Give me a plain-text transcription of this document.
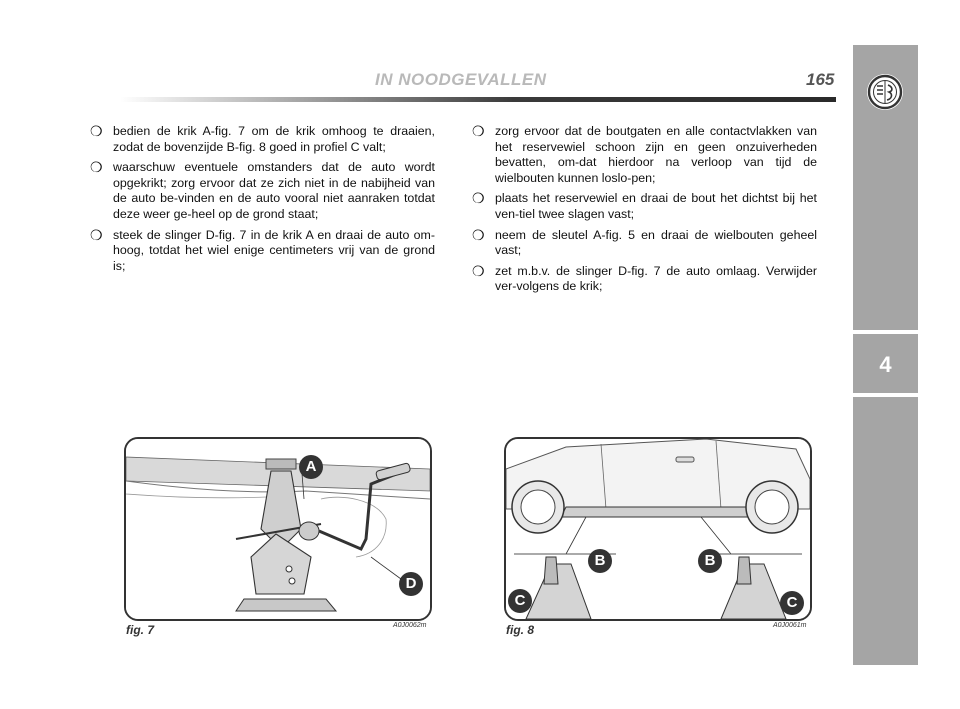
IN NOODGEVALLEN	165
4
❍ bedien de krik A-fig. 7 om de krik omhoog te draaien, zodat de bovenzijde B-fig. 8 goed in profiel C valt;
❍ waarschuw eventuele omstanders dat de auto wordt opgekrikt; zorg ervoor dat ze zich niet in de nabijheid van de auto be-vinden en de auto vooral niet aanraken totdat deze weer ge-heel op de grond staat;
❍ steek de slinger D-fig. 7 in de krik A en draai de auto om-hoog, totdat het wiel enige centimeters vrij van de grond is;
❍ zorg ervoor dat de boutgaten en alle contactvlakken van het reservewiel schoon zijn en geen onzuiverheden bevatten, om-dat hierdoor na verloop van tijd de wielbouten kunnen loslo-pen;
❍ plaats het reservewiel en draai de bout het dichtst bij het ven-tiel twee slagen vast;
❍ neem de sleutel A-fig. 5 en draai de wielbouten geheel vast;
❍ zet m.b.v. de slinger D-fig. 7 de auto omlaag. Verwijder ver-volgens de krik;
A
D
fig. 7	A0J0062m
B
C
B
C
fig. 8	A0J0061m
